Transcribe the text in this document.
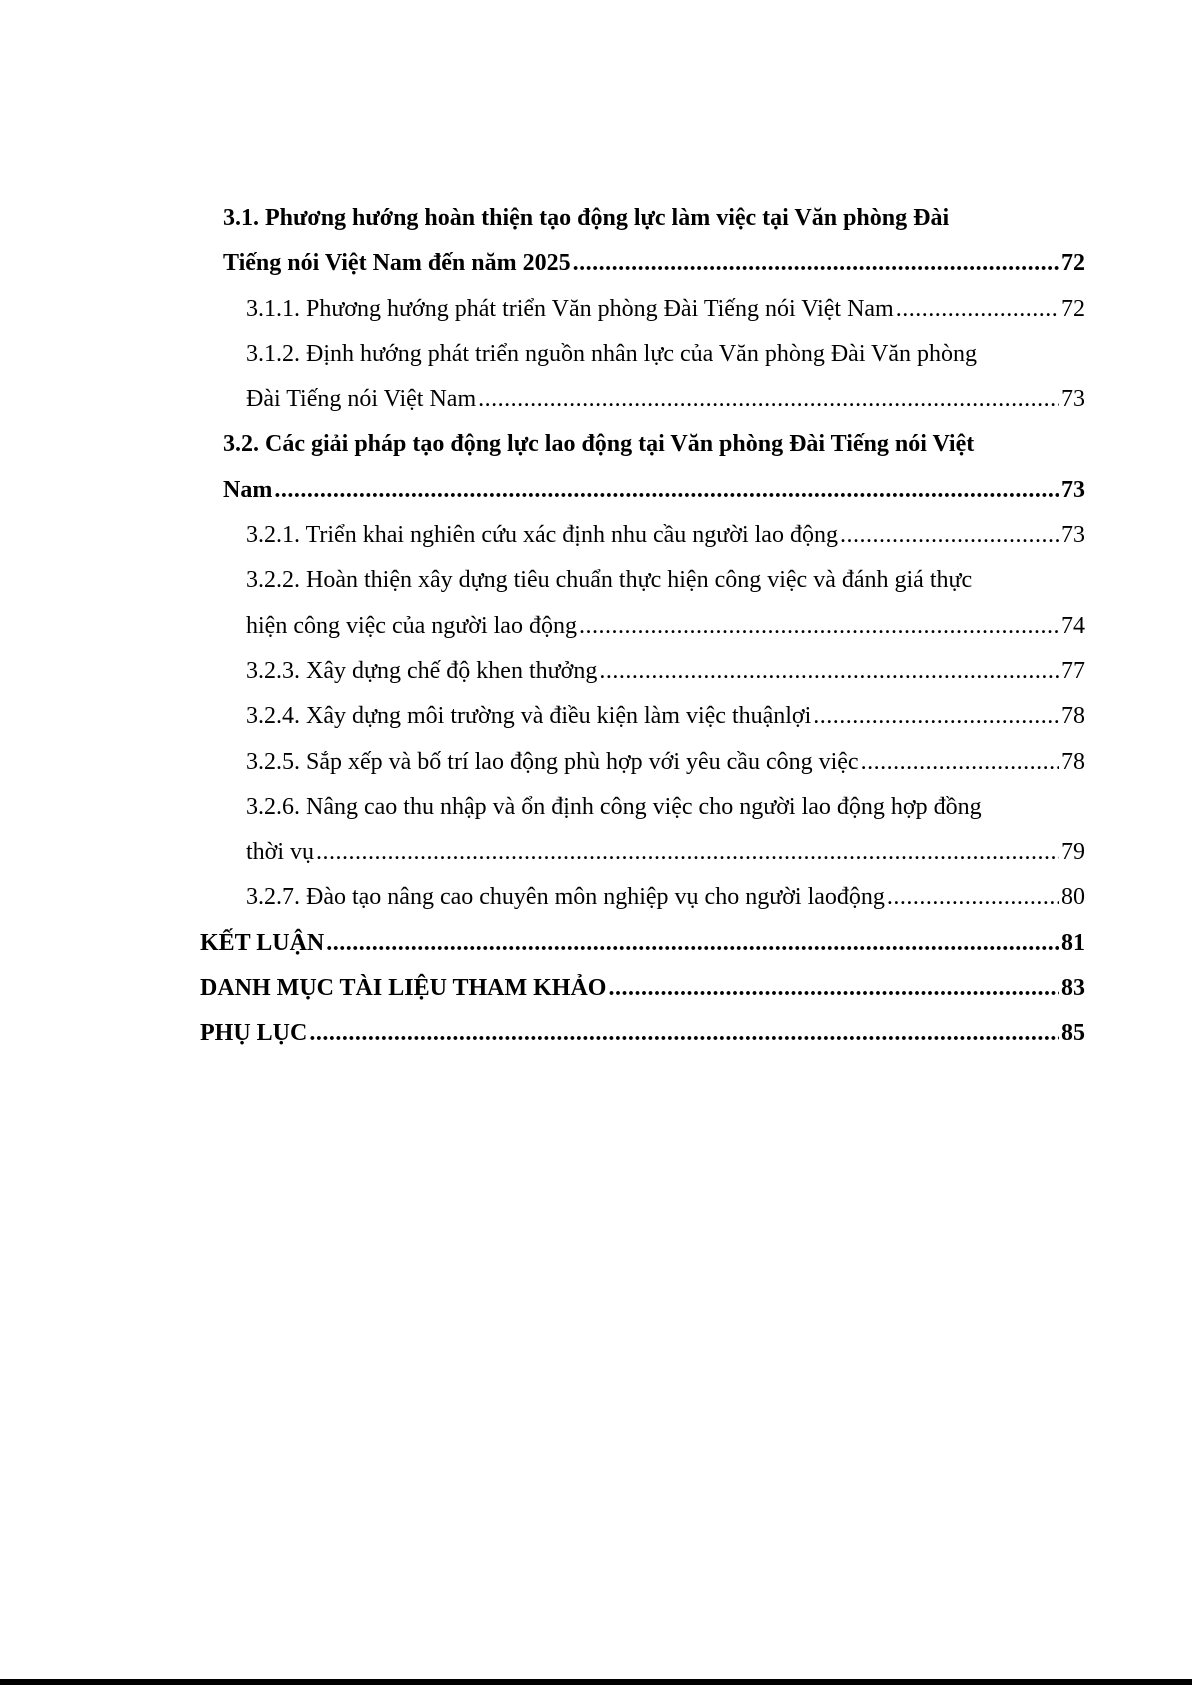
3.1. Phương hướng hoàn thiện tạo động lực làm việc tại Văn phòng Đài
Tiếng nói Việt Nam đến năm 2025 .....	72
3.1.1. Phương hướng phát triển Văn phòng Đài Tiếng nói Việt Nam .....	72
3.1.2. Định hướng phát triển nguồn nhân lực của Văn phòng Đài Văn phòng
Đài Tiếng nói Việt Nam .....	73
3.2. Các giải pháp tạo động lực lao động tại Văn phòng Đài Tiếng nói Việt
Nam .....	73
3.2.1. Triển khai nghiên cứu xác định nhu cầu người lao động .....	73
3.2.2. Hoàn thiện xây dựng tiêu chuẩn thực hiện công việc và đánh giá thực
hiện công việc của người lao động .....	74
3.2.3. Xây dựng chế độ khen thưởng .....	77
3.2.4. Xây dựng môi trường và điều kiện làm việc thuậnlợi .....	78
3.2.5. Sắp xếp và bố trí lao động phù hợp với yêu cầu công việc .....	78
3.2.6. Nâng cao thu nhập và ổn định công việc cho người lao động hợp đồng
thời vụ .....	79
3.2.7. Đào tạo nâng cao chuyên môn nghiệp vụ cho người laođộng .....	80
KẾT LUẬN .....	81
DANH MỤC TÀI LIỆU THAM KHẢO .....	83
PHỤ LỤC .....	85
